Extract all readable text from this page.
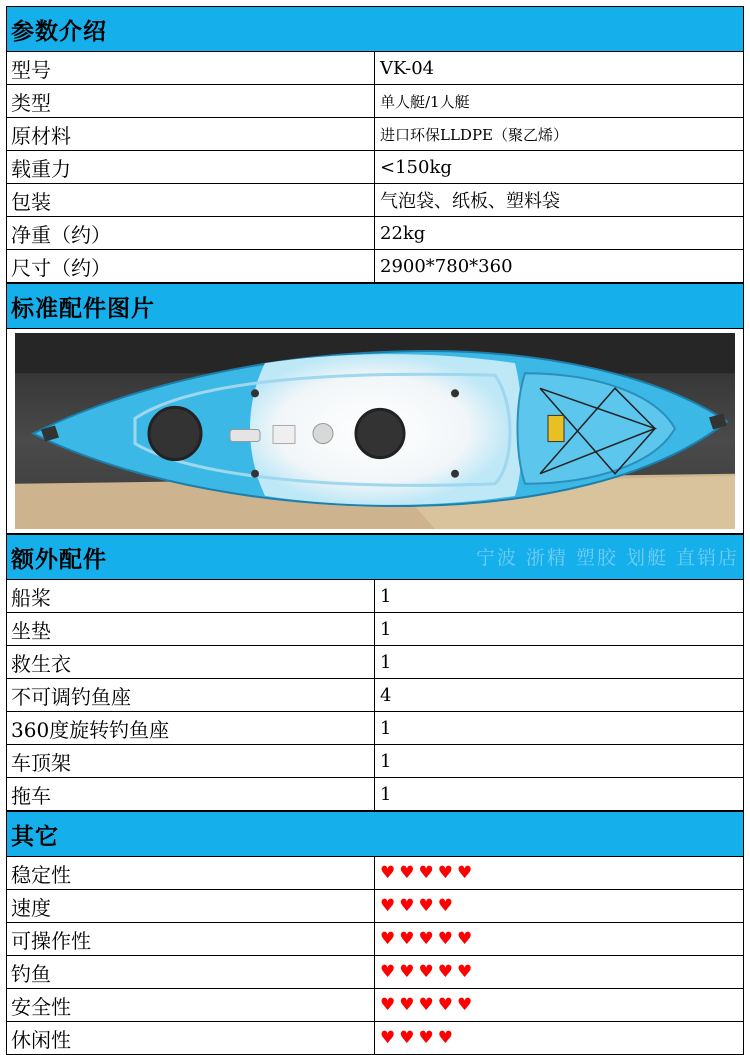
参数介绍
型号	VK-04
类型	单人艇/1人艇
原材料	进口环保LLDPE（聚乙烯）
载重力	<150kg
包装	气泡袋、纸板、塑料袋
净重（约）	22kg
尺寸（约）	2900*780*360
标准配件图片
额外配件	宁波 浙精 塑胶 划艇 直销店
船桨	1
坐垫	1
救生衣	1
不可调钓鱼座	4
360度旋转钓鱼座	1
车顶架	1
拖车	1
其它
稳定性	♥♥♥♥♥
速度	♥♥♥♥
可操作性	♥♥♥♥♥
钓鱼	♥♥♥♥♥
安全性	♥♥♥♥♥
休闲性	♥♥♥♥
